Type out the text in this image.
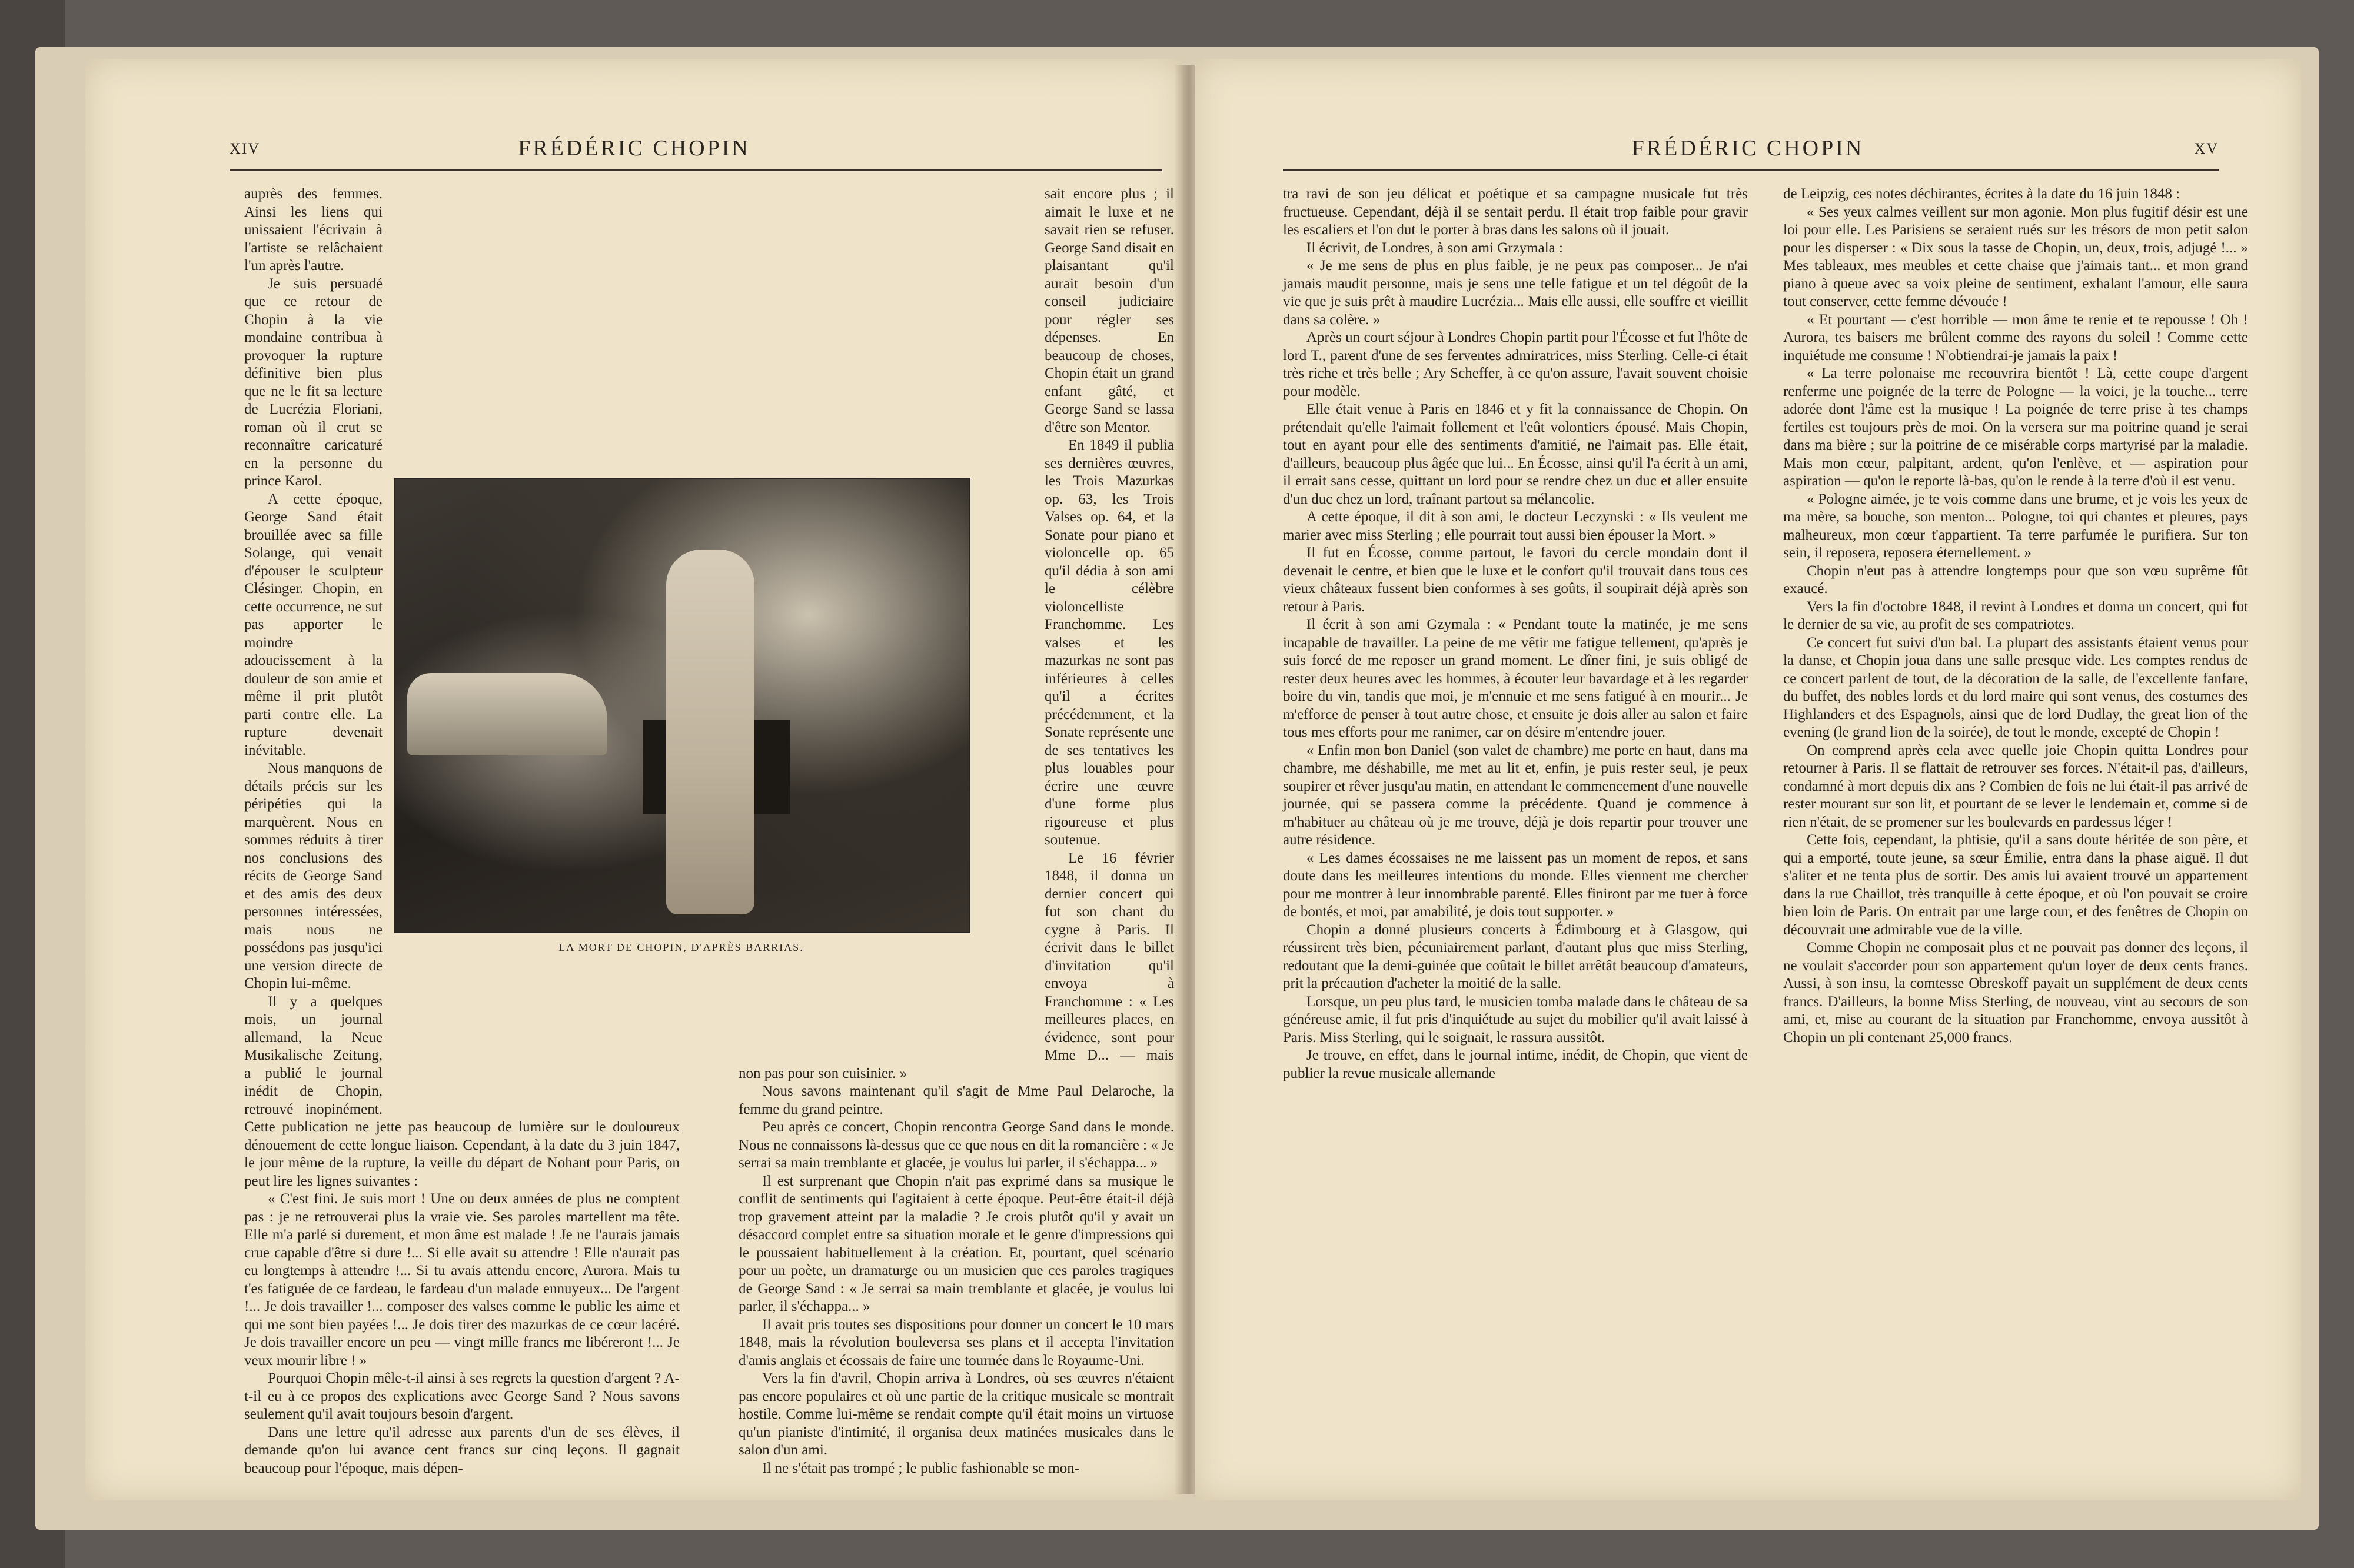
XIV	FRÉDÉRIC CHOPIN

auprès des femmes. Ainsi les liens qui unissaient l'écrivain à l'artiste se relâchaient l'un après l'autre.

Je suis persuadé que ce retour de Chopin à la vie mondaine contribua à provoquer la rupture définitive bien plus que ne le fit sa lecture de Lucrézia Floriani, roman où il crut se reconnaître caricaturé en la personne du prince Karol.

A cette époque, George Sand était brouillée avec sa fille Solange, qui venait d'épouser le sculpteur Clésinger. Chopin, en cette occurrence, ne sut pas apporter le moindre adoucissement à la douleur de son amie et même il prit plutôt parti contre elle. La rupture devenait inévitable.

Nous manquons de détails précis sur les péripéties qui la marquèrent. Nous en sommes réduits à tirer nos conclusions des récits de George Sand et des amis des deux personnes intéressées, mais nous ne possédons pas jusqu'ici une version directe de Chopin lui-même.

Il y a quelques mois, un journal allemand, la Neue Musikalische Zeitung, a publié le journal inédit de Chopin, retrouvé inopinément. Cette publication ne jette pas beaucoup de lumière sur le douloureux dénouement de cette longue liaison. Cependant, à la date du 3 juin 1847, le jour même de la rupture, la veille du départ de Nohant pour Paris, on peut lire les lignes suivantes :

« C'est fini. Je suis mort ! Une ou deux années de plus ne comptent pas : je ne retrouverai plus la vraie vie. Ses paroles martellent ma tête. Elle m'a parlé si durement, et mon âme est malade ! Je ne l'aurais jamais crue capable d'être si dure !... Si elle avait su attendre ! Elle n'aurait pas eu longtemps à attendre !... Si tu avais attendu encore, Aurora. Mais tu t'es fatiguée de ce fardeau, le fardeau d'un malade ennuyeux... De l'argent !... Je dois travailler !... composer des valses comme le public les aime et qui me sont bien payées !... Je dois tirer des mazurkas de ce cœur lacéré. Je dois travailler encore un peu — vingt mille francs me libéreront !... Je veux mourir libre ! »

Pourquoi Chopin mêle-t-il ainsi à ses regrets la question d'argent ? A-t-il eu à ce propos des explications avec George Sand ? Nous savons seulement qu'il avait toujours besoin d'argent.

Dans une lettre qu'il adresse aux parents d'un de ses élèves, il demande qu'on lui avance cent francs sur cinq leçons. Il gagnait beaucoup pour l'époque, mais dépen-

sait encore plus ; il aimait le luxe et ne savait rien se refuser. George Sand disait en plaisantant qu'il aurait besoin d'un conseil judiciaire pour régler ses dépenses. En beaucoup de choses, Chopin était un grand enfant gâté, et George Sand se lassa d'être son Mentor.

En 1849 il publia ses dernières œuvres, les Trois Mazurkas op. 63, les Trois Valses op. 64, et la Sonate pour piano et violoncelle op. 65 qu'il dédia à son ami le célèbre violoncelliste Franchomme. Les valses et les mazurkas ne sont pas inférieures à celles qu'il a écrites précédemment, et la Sonate représente une de ses tentatives les plus louables pour écrire une œuvre d'une forme plus rigoureuse et plus soutenue.

Le 16 février 1848, il donna un dernier concert qui fut son chant du cygne à Paris. Il écrivit dans le billet d'invitation qu'il envoya à Franchomme : « Les meilleures places, en évidence, sont pour Mme D... — mais non pas pour son cuisinier. »

Nous savons maintenant qu'il s'agit de Mme Paul Delaroche, la femme du grand peintre.

Peu après ce concert, Chopin rencontra George Sand dans le monde. Nous ne connaissons là-dessus que ce que nous en dit la romancière : « Je serrai sa main tremblante et glacée, je voulus lui parler, il s'échappa... »

Il est surprenant que Chopin n'ait pas exprimé dans sa musique le conflit de sentiments qui l'agitaient à cette époque. Peut-être était-il déjà trop gravement atteint par la maladie ? Je crois plutôt qu'il y avait un désaccord complet entre sa situation morale et le genre d'impressions qui le poussaient habituellement à la création. Et, pourtant, quel scénario pour un poète, un dramaturge ou un musicien que ces paroles tragiques de George Sand : « Je serrai sa main tremblante et glacée, je voulus lui parler, il s'échappa... »

Il avait pris toutes ses dispositions pour donner un concert le 10 mars 1848, mais la révolution bouleversa ses plans et il accepta l'invitation d'amis anglais et écossais de faire une tournée dans le Royaume-Uni.

Vers la fin d'avril, Chopin arriva à Londres, où ses œuvres n'étaient pas encore populaires et où une partie de la critique musicale se montrait hostile. Comme lui-même se rendait compte qu'il était moins un virtuose qu'un pianiste d'intimité, il organisa deux matinées musicales dans le salon d'un ami.

Il ne s'était pas trompé ; le public fashionable se mon-

LA MORT DE CHOPIN, D'APRÈS BARRIAS.
FRÉDÉRIC CHOPIN	XV

tra ravi de son jeu délicat et poétique et sa campagne musicale fut très fructueuse. Cependant, déjà il se sentait perdu. Il était trop faible pour gravir les escaliers et l'on dut le porter à bras dans les salons où il jouait.

Il écrivit, de Londres, à son ami Grzymala :

« Je me sens de plus en plus faible, je ne peux pas composer... Je n'ai jamais maudit personne, mais je sens une telle fatigue et un tel dégoût de la vie que je suis prêt à maudire Lucrézia... Mais elle aussi, elle souffre et vieillit dans sa colère. »

Après un court séjour à Londres Chopin partit pour l'Écosse et fut l'hôte de lord T., parent d'une de ses ferventes admiratrices, miss Sterling. Celle-ci était très riche et très belle ; Ary Scheffer, à ce qu'on assure, l'avait souvent choisie pour modèle.

Elle était venue à Paris en 1846 et y fit la connaissance de Chopin. On prétendait qu'elle l'aimait follement et l'eût volontiers épousé. Mais Chopin, tout en ayant pour elle des sentiments d'amitié, ne l'aimait pas. Elle était, d'ailleurs, beaucoup plus âgée que lui... En Écosse, ainsi qu'il l'a écrit à un ami, il errait sans cesse, quittant un lord pour se rendre chez un duc et aller ensuite d'un duc chez un lord, traînant partout sa mélancolie.

A cette époque, il dit à son ami, le docteur Leczynski : « Ils veulent me marier avec miss Sterling ; elle pourrait tout aussi bien épouser la Mort. »

Il fut en Écosse, comme partout, le favori du cercle mondain dont il devenait le centre, et bien que le luxe et le confort qu'il trouvait dans tous ces vieux châteaux fussent bien conformes à ses goûts, il soupirait déjà après son retour à Paris.

Il écrit à son ami Gzymala : « Pendant toute la matinée, je me sens incapable de travailler. La peine de me vêtir me fatigue tellement, qu'après je suis forcé de me reposer un grand moment. Le dîner fini, je suis obligé de rester deux heures avec les hommes, à écouter leur bavardage et à les regarder boire du vin, tandis que moi, je m'ennuie et me sens fatigué à en mourir... Je m'efforce de penser à tout autre chose, et ensuite je dois aller au salon et faire tous mes efforts pour me ranimer, car on désire m'entendre jouer.

« Enfin mon bon Daniel (son valet de chambre) me porte en haut, dans ma chambre, me déshabille, me met au lit et, enfin, je puis rester seul, je peux soupirer et rêver jusqu'au matin, en attendant le commencement d'une nouvelle journée, qui se passera comme la précédente. Quand je commence à m'habituer au château où je me trouve, déjà je dois repartir pour trouver une autre résidence.

« Les dames écossaises ne me laissent pas un moment de repos, et sans doute dans les meilleures intentions du monde. Elles viennent me chercher pour me montrer à leur innombrable parenté. Elles finiront par me tuer à force de bontés, et moi, par amabilité, je dois tout supporter. »

Chopin a donné plusieurs concerts à Édimbourg et à Glasgow, qui réussirent très bien, pécuniairement parlant, d'autant plus que miss Sterling, redoutant que la demi-guinée que coûtait le billet arrêtât beaucoup d'amateurs, prit la précaution d'acheter la moitié de la salle.

Lorsque, un peu plus tard, le musicien tomba malade dans le château de sa généreuse amie, il fut pris d'inquiétude au sujet du mobilier qu'il avait laissé à Paris. Miss Sterling, qui le soignait, le rassura aussitôt.

Je trouve, en effet, dans le journal intime, inédit, de Chopin, que vient de publier la revue musicale allemande

de Leipzig, ces notes déchirantes, écrites à la date du 16 juin 1848 :

« Ses yeux calmes veillent sur mon agonie. Mon plus fugitif désir est une loi pour elle. Les Parisiens se seraient rués sur les trésors de mon petit salon pour les disperser : « Dix sous la tasse de Chopin, un, deux, trois, adjugé !... » Mes tableaux, mes meubles et cette chaise que j'aimais tant... et mon grand piano à queue avec sa voix pleine de sentiment, exhalant l'amour, elle saura tout conserver, cette femme dévouée !

« Et pourtant — c'est horrible — mon âme te renie et te repousse ! Oh ! Aurora, tes baisers me brûlent comme des rayons du soleil ! Comme cette inquiétude me consume ! N'obtiendrai-je jamais la paix !

« La terre polonaise me recouvrira bientôt ! Là, cette coupe d'argent renferme une poignée de la terre de Pologne — la voici, je la touche... terre adorée dont l'âme est la musique ! La poignée de terre prise à tes champs fertiles est toujours près de moi. On la versera sur ma poitrine quand je serai dans ma bière ; sur la poitrine de ce misérable corps martyrisé par la maladie. Mais mon cœur, palpitant, ardent, qu'on l'enlève, et — aspiration pour aspiration — qu'on le reporte là-bas, qu'on le rende à la terre d'où il est venu.

« Pologne aimée, je te vois comme dans une brume, et je vois les yeux de ma mère, sa bouche, son menton... Pologne, toi qui chantes et pleures, pays malheureux, mon cœur t'appartient. Ta terre parfumée le purifiera. Sur ton sein, il reposera, reposera éternellement. »

Chopin n'eut pas à attendre longtemps pour que son vœu suprême fût exaucé.

Vers la fin d'octobre 1848, il revint à Londres et donna un concert, qui fut le dernier de sa vie, au profit de ses compatriotes.

Ce concert fut suivi d'un bal. La plupart des assistants étaient venus pour la danse, et Chopin joua dans une salle presque vide. Les comptes rendus de ce concert parlent de tout, de la décoration de la salle, de l'excellente fanfare, du buffet, des nobles lords et du lord maire qui sont venus, des costumes des Highlanders et des Espagnols, ainsi que de lord Dudlay, the great lion of the evening (le grand lion de la soirée), de tout le monde, excepté de Chopin !

On comprend après cela avec quelle joie Chopin quitta Londres pour retourner à Paris. Il se flattait de retrouver ses forces. N'était-il pas, d'ailleurs, condamné à mort depuis dix ans ? Combien de fois ne lui était-il pas arrivé de rester mourant sur son lit, et pourtant de se lever le lendemain et, comme si de rien n'était, de se promener sur les boulevards en pardessus léger !

Cette fois, cependant, la phtisie, qu'il a sans doute héritée de son père, et qui a emporté, toute jeune, sa sœur Émilie, entra dans la phase aiguë. Il dut s'aliter et ne tenta plus de sortir. Des amis lui avaient trouvé un appartement dans la rue Chaillot, très tranquille à cette époque, et où l'on pouvait se croire bien loin de Paris. On entrait par une large cour, et des fenêtres de Chopin on découvrait une admirable vue de la ville.

Comme Chopin ne composait plus et ne pouvait pas donner des leçons, il ne voulait s'accorder pour son appartement qu'un loyer de deux cents francs. Aussi, à son insu, la comtesse Obreskoff payait un supplément de deux cents francs. D'ailleurs, la bonne Miss Sterling, de nouveau, vint au secours de son ami, et, mise au courant de la situation par Franchomme, envoya aussitôt à Chopin un pli contenant 25,000 francs.
